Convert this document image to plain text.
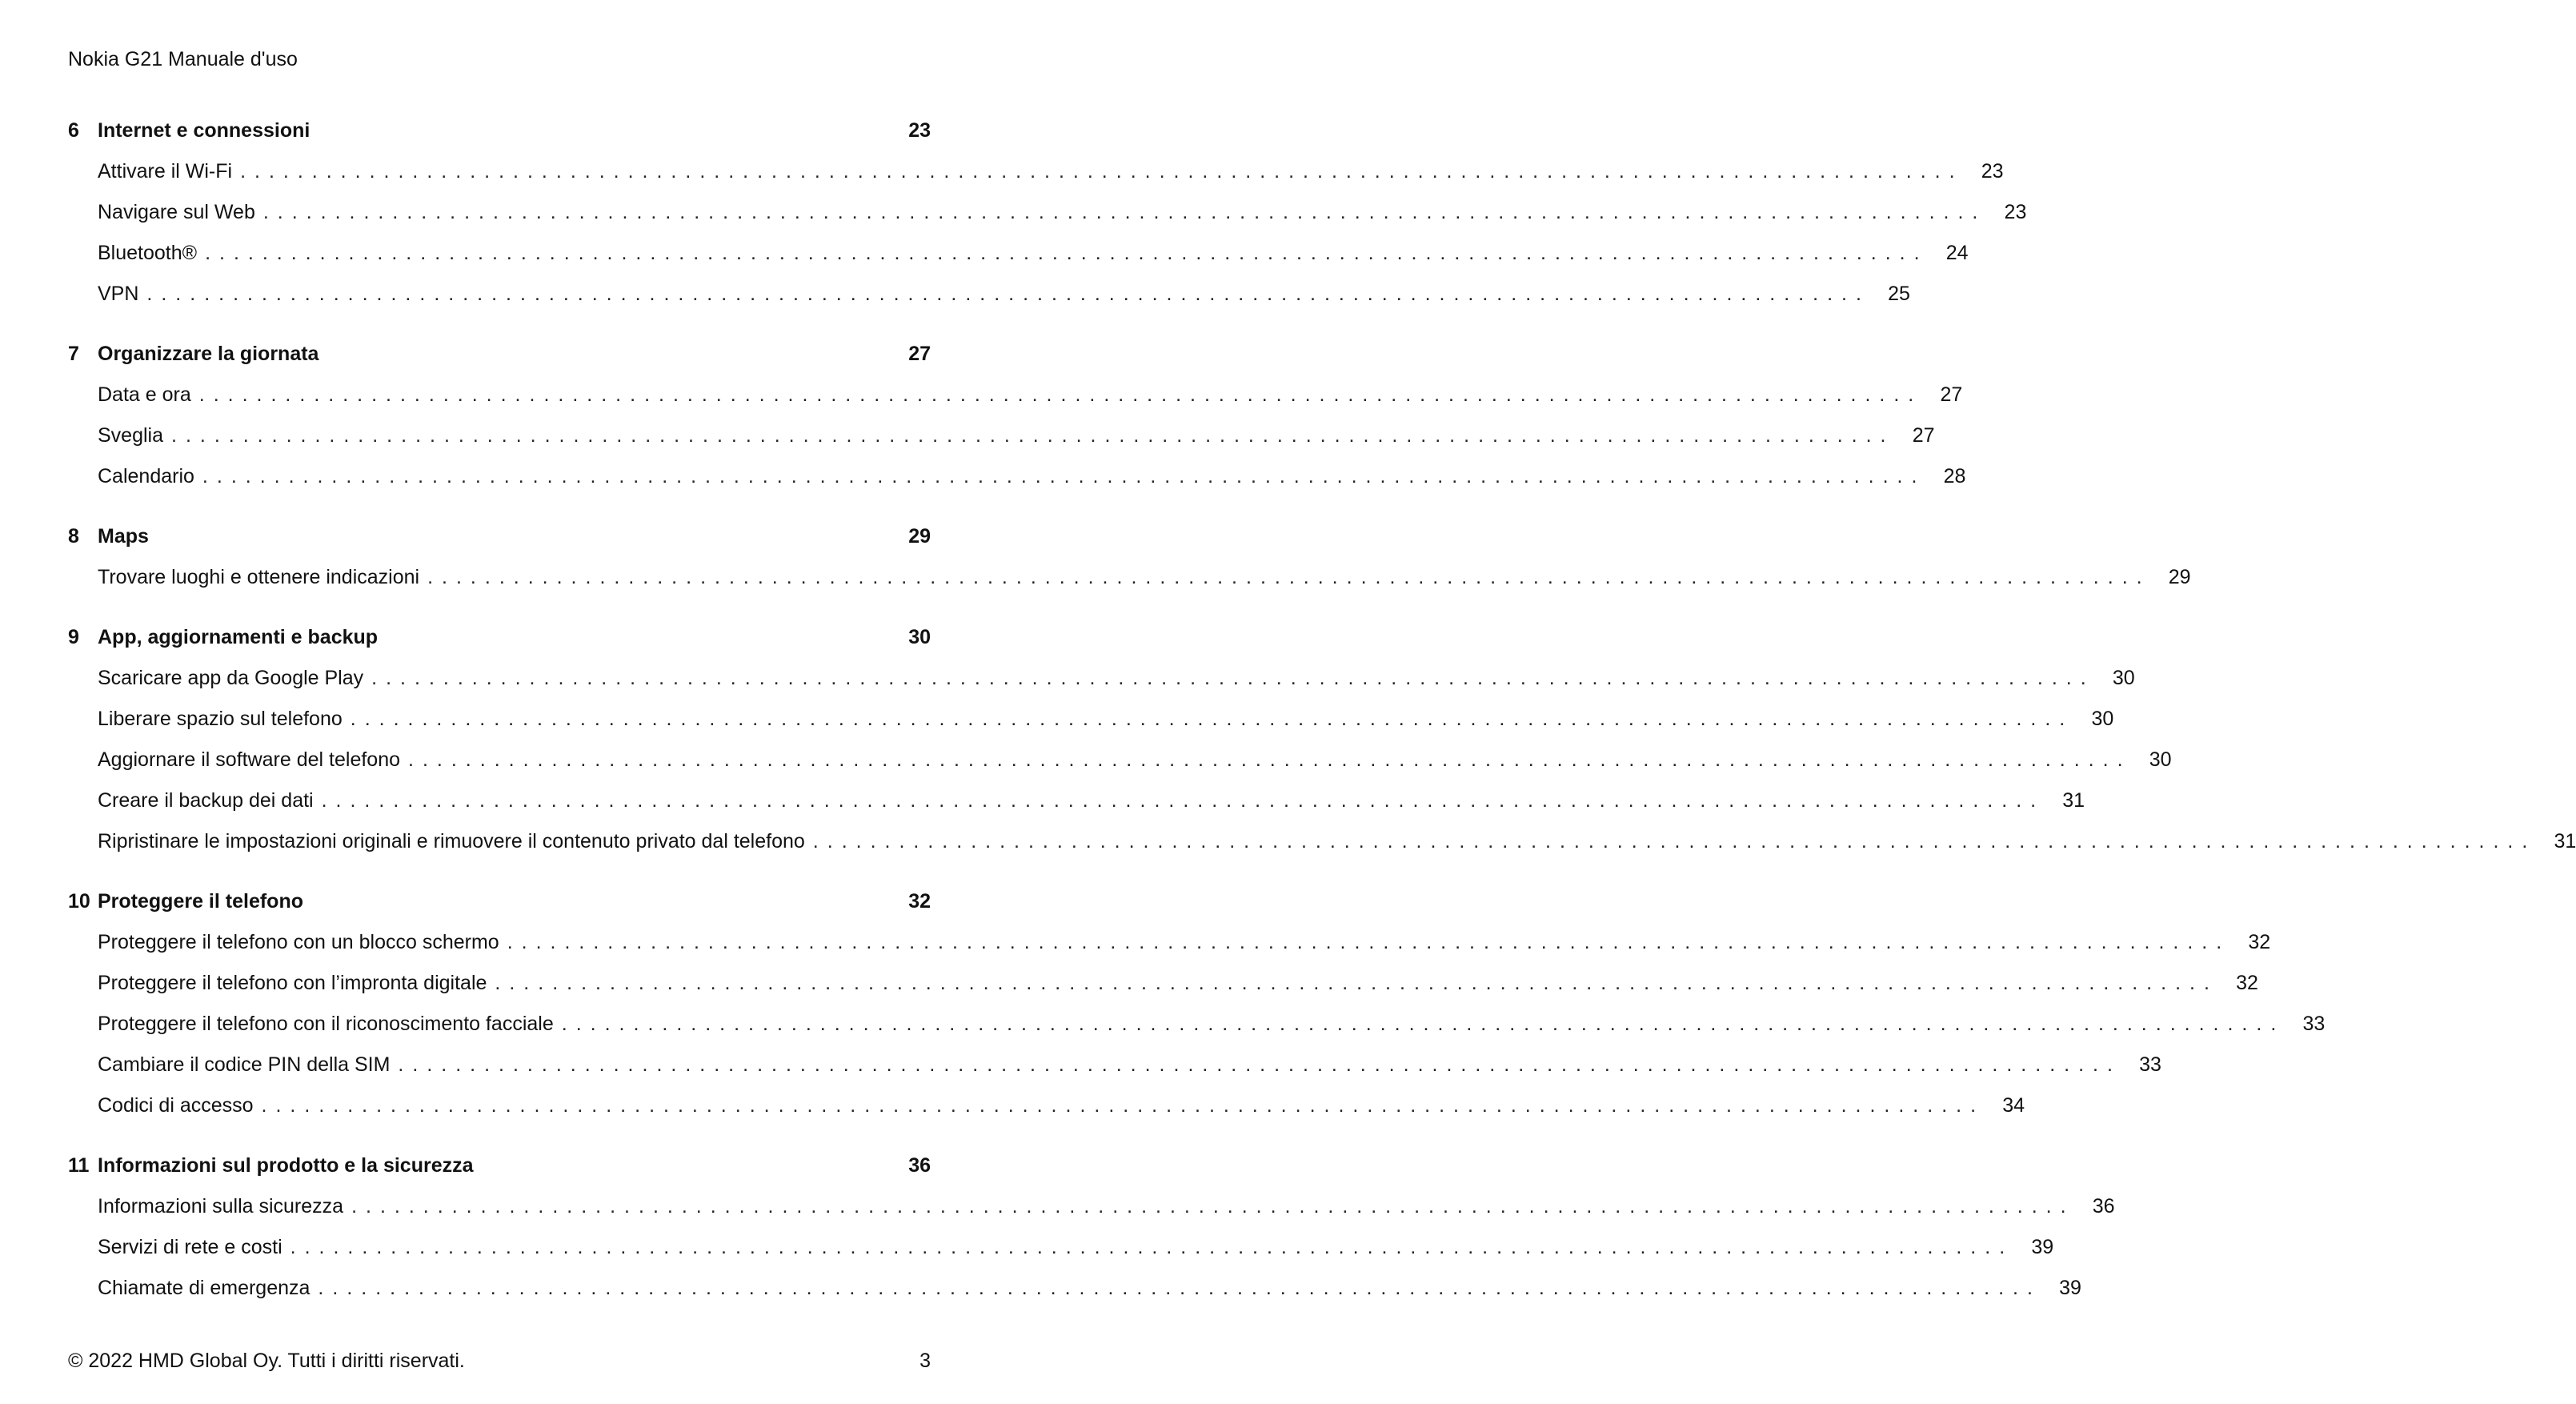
Nokia G21 Manuale d'uso
6 Internet e connessioni	23
Attivare il Wi-Fi ........................................................................................................................ 23
Navigare sul Web ........................................................................................................................ 23
Bluetooth® ........................................................................................................................ 24
VPN ........................................................................................................................ 25
7 Organizzare la giornata	27
Data e ora ........................................................................................................................ 27
Sveglia ........................................................................................................................ 27
Calendario ........................................................................................................................ 28
8 Maps	29
Trovare luoghi e ottenere indicazioni ........................................................................................................................ 29
9 App, aggiornamenti e backup	30
Scaricare app da Google Play ........................................................................................................................ 30
Liberare spazio sul telefono ........................................................................................................................ 30
Aggiornare il software del telefono ........................................................................................................................ 30
Creare il backup dei dati ........................................................................................................................ 31
Ripristinare le impostazioni originali e rimuovere il contenuto privato dal telefono ........................................................................................................................ 31
10 Proteggere il telefono	32
Proteggere il telefono con un blocco schermo ........................................................................................................................ 32
Proteggere il telefono con l’impronta digitale ........................................................................................................................ 32
Proteggere il telefono con il riconoscimento facciale ........................................................................................................................ 33
Cambiare il codice PIN della SIM ........................................................................................................................ 33
Codici di accesso ........................................................................................................................ 34
11 Informazioni sul prodotto e la sicurezza	36
Informazioni sulla sicurezza ........................................................................................................................ 36
Servizi di rete e costi ........................................................................................................................ 39
Chiamate di emergenza ........................................................................................................................ 39
© 2022 HMD Global Oy. Tutti i diritti riservati.	3
